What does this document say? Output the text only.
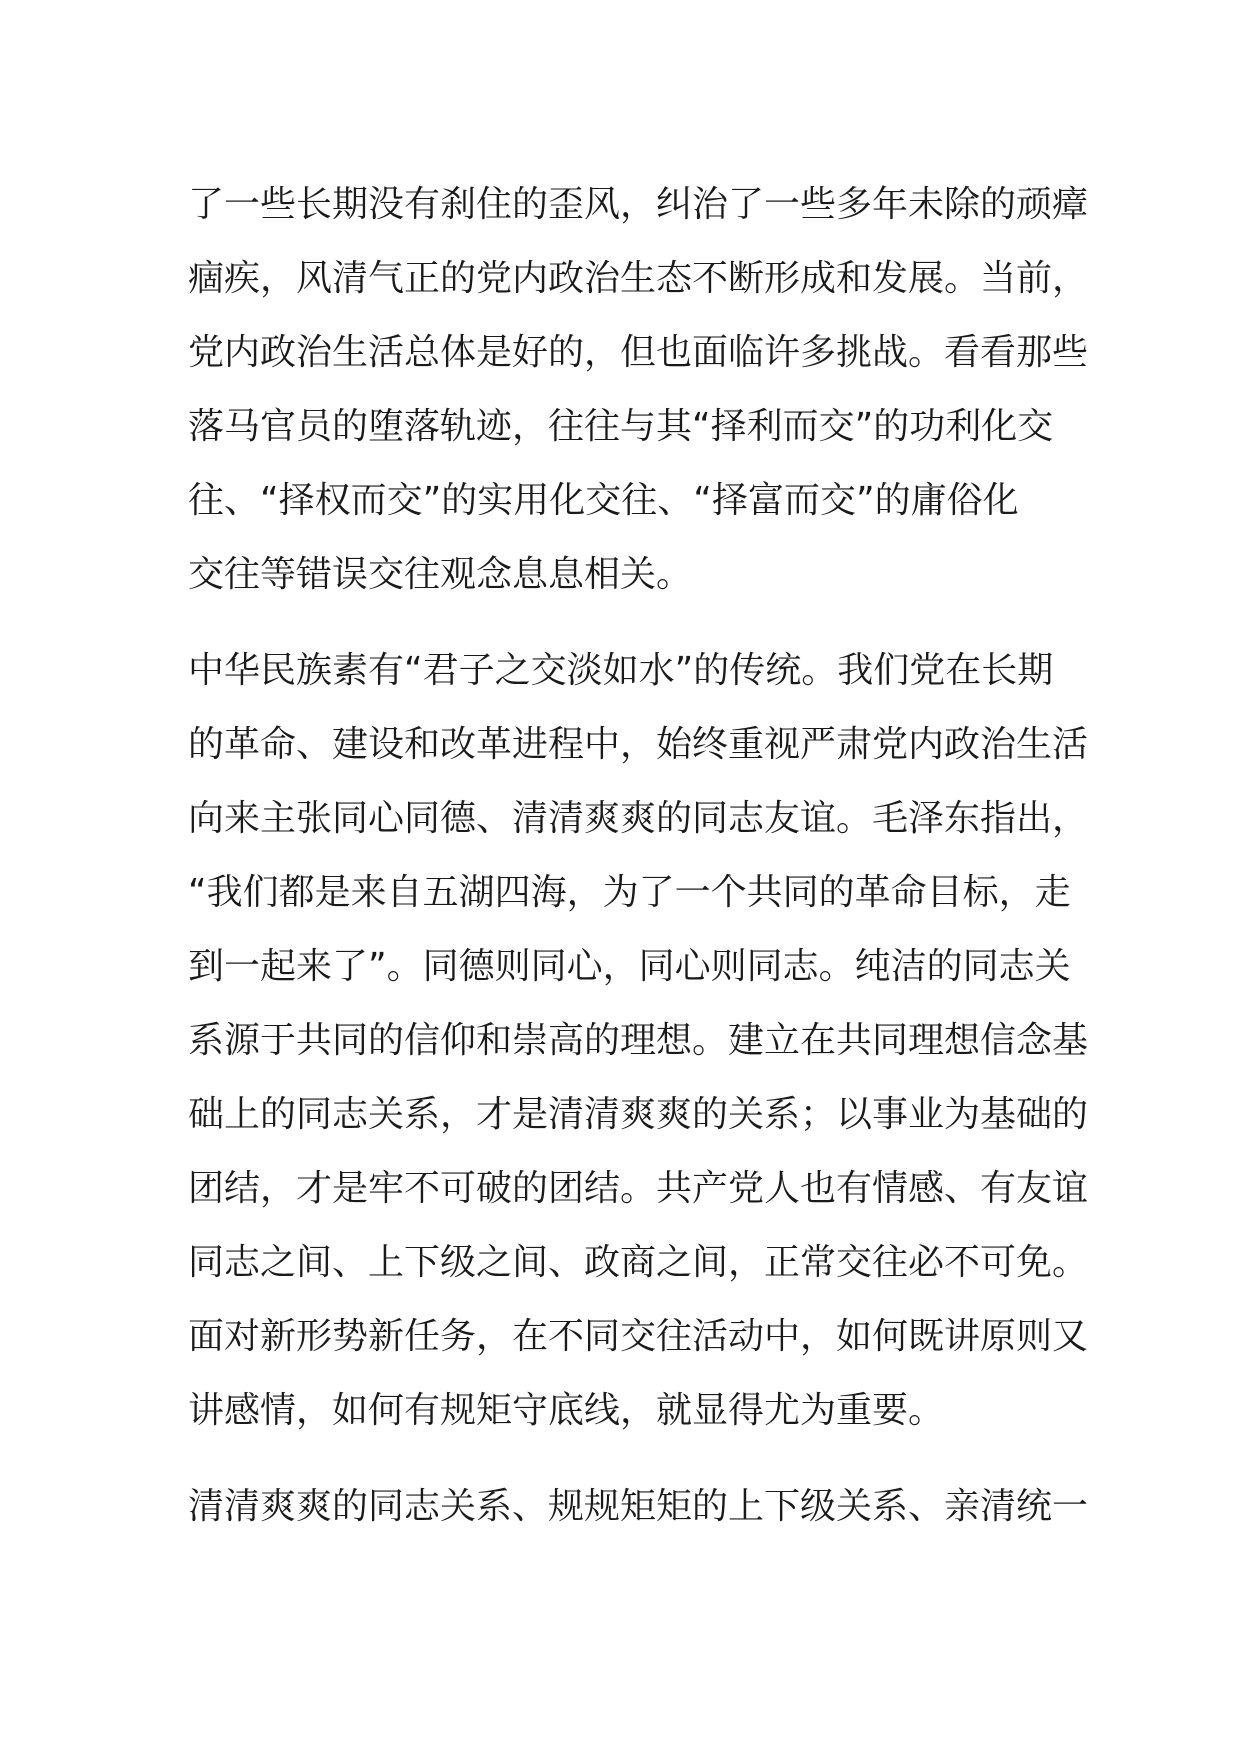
了一些长期没有刹住的歪风，纠治了一些多年未除的顽瘴
痼疾，风清气正的党内政治生态不断形成和发展。当前，
党内政治生活总体是好的，但也面临许多挑战。看看那些
落马官员的堕落轨迹，往往与其“择利而交”的功利化交
往、“择权而交”的实用化交往、“择富而交”的庸俗化
交往等错误交往观念息息相关。
中华民族素有“君子之交淡如水”的传统。我们党在长期
的革命、建设和改革进程中，始终重视严肃党内政治生活
向来主张同心同德、清清爽爽的同志友谊。毛泽东指出，
“我们都是来自五湖四海，为了一个共同的革命目标，走
到一起来了”。同德则同心，同心则同志。纯洁的同志关
系源于共同的信仰和崇高的理想。建立在共同理想信念基
础上的同志关系，才是清清爽爽的关系；以事业为基础的
团结，才是牢不可破的团结。共产党人也有情感、有友谊
同志之间、上下级之间、政商之间，正常交往必不可免。
面对新形势新任务，在不同交往活动中，如何既讲原则又
讲感情，如何有规矩守底线，就显得尤为重要。
清清爽爽的同志关系、规规矩矩的上下级关系、亲清统一
